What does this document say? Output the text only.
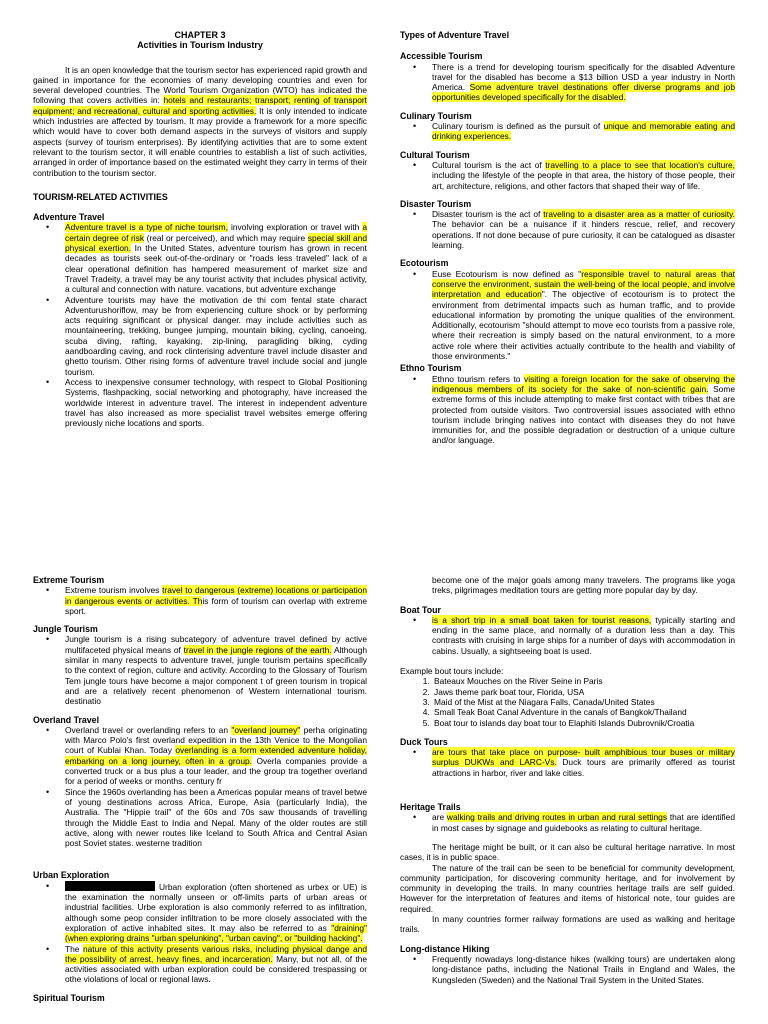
CHAPTER 3

Activities in Tourism Industry

It is an open knowledge that the tourism sector has experienced rapid growth and gained in importance for the economies of many developing countries and even for several developed countries. The World Tourism Organization (WTO) has indicated the following that covers activities in: hotels and restaurants; transport; renting of transport equipment; and recreational, cultural and sporting activities. It is only intended to indicate which industries are affected by tourism. It may provide a framework for a more specific which would have to cover both demand aspects in the surveys of visitors and supply aspects (survey of tourism enterprises). By identifying activities that are to some extent relevant to the tourism sector, it will enable countries to establish a list of such activities, arranged in order of importance based on the estimated weight they carry in terms of their contribution to the tourism sector.

TOURISM-RELATED ACTIVITIES

Adventure Travel

• Adventure travel is a type of niche tourism, involving exploration or travel with a certain degree of risk (real or perceived), and which may require special skill and physical exertion. In the United States, adventure tourism has grown in recent decades as tourists seek out-of-the-ordinary or "roads less traveled" lack of a clear operational definition has hampered measurement of market size and Travel Tradeity, a travel may be any tourist activity that includes physical activity, a cultural and connection with nature. vacations, but adventure exchange
• Adventure tourists may have the motivation de thi com fental state charact Adventurushoriflow, may be from experiencing culture shock or by performing acts requiring significant or physical danger. may include activities such as mountaineering, trekking, bungee jumping, mountain biking, cycling, canoeing, scuba diving, rafting, kayaking, zip-lining, paragliding biking, cyding aandboarding caving, and rock clinterising adventure travel include disaster and ghetto tourism. Other rising forms of adventure travel include social and jungle tourism.
• Access to inexpensive consumer technology, with respect to Global Positioning Systems, flashpacking, social networking and photography, have increased the worldwide interest in adventure travel. The interest in independent adventure travel has also increased as more specialist travel websites emerge offering previously niche locations and sports.

Types of Adventure Travel

Accessible Tourism

• There is a trend for developing tourism specifically for the disabled Adventure travel for the disabled has become a $13 billion USD a year industry in North America. Some adventure travel destinations offer diverse programs and job opportunities developed specifically for the disabled.

Culinary Tourism

• Culinary tourism is defined as the pursuit of unique and memorable eating and drinking experiences.

Cultural Tourism

• Cultural tourism is the act of travelling to a place to see that location's culture, including the lifestyle of the people in that area, the history of those people, their art, architecture, religions, and other factors that shaped their way of life.

Disaster Tourism

• Disaster tourism is the act of traveling to a disaster area as a matter of curiosity. The behavior can be a nuisance if it hinders rescue, relief, and recovery operations. If not done because of pure curiosity, it can be catalogued as disaster learning.

Ecotourism

• Euse Ecotourism is now defined as "responsible travel to natural areas that conserve the environment, sustain the well-being of the local people, and involve interpretation and education". The objective of ecotourism is to protect the environment from detrimental impacts such as human traffic, and to provide educational information by promoting the unique qualities of the environment. Additionally, ecotourism "should attempt to move eco tourists from a passive role, where their recreation is simply based on the natural environment, to a more active role where their activities actually contribute to the health and viability of those environments."

Ethno Tourism

• Ethno tourism refers to visiting a foreign location for the sake of observing the indigenous members of its society for the sake of non-scientific gain. Some extreme forms of this include attempting to make first contact with tribes that are protected from outside visitors. Two controversial issues associated with ethno tourism include bringing natives into contact with diseases they do not have immunities for, and the possible degradation or destruction of a unique culture and/or language.

Extreme Tourism

• Extreme tourism involves travel to dangerous (extreme) locations or participation in dangerous events or activities. This form of tourism can overlap with extreme sport.

Jungle Tourism

• Jungle tourism is a rising subcategory of adventure travel defined by active multifaceted physical means of travel in the jungle regions of the earth. Although similar in many respects to adventure travel, jungle tourism pertains specifically to the context of region, culture and activity. According to the Glossary of Tourism Tem jungle tours have become a major component t of green tourism in tropical and are a relatively recent phenomenon of Western international tourism. destinatio

Overland Travel

• Overland travel or overlanding refers to an "overland journey" perha originating with Marco Polo's first overland expedition in the 13th Venice to the Mongolian court of Kublai Khan. Today overlanding is a form extended adventure holiday, embarking on a long journey, often in a group. Overla companies provide a converted truck or a bus plus a tour leader, and the group tra together overland for a period of weeks or months. century fr
• Since the 1960s overlanding has been a Americas popular means of travel betwe of young destinations across Africa, Europe, Asia (particularly India), the Australia. The "Hippie trail" of the 60s and 70s saw thousands of travelling through the Middle East to India and Nepal. Many of the older routes are still active, along with newer routes like Iceland to South Africa and Central Asian post Soviet states. westerne tradition

Urban Exploration

• Urban exploration (often shortened as urbex or UE) is the examination the normally unseen or off-limits parts of urban areas or industrial facilities. Urbe exploration is also commonly referred to as infiltration, although some peop consider infiltration to be more closely associated with the exploration of active inhabited sites. It may also be referred to as "draining" (when exploring drains "urban spelunking", "urban caving", or "building hacking".
• The nature of this activity presents various risks, including physical dange and the possibility of arrest, heavy fines, and incarceration. Many, but not all, of the activities associated with urban exploration could be considered trespassing or othe violations of local or regional laws.

Spiritual Tourism

become one of the major goals among many travelers. The programs like yoga treks, pilgrimages meditation tours are getting more popular day by day.

Boat Tour

• is a short trip in a small boat taken for tourist reasons, typically starting and ending in the same place, and normally of a duration less than a day. This contrasts with cruising in large ships for a number of days with accommodation in cabins. Usually, a sightseeing boat is used.

Example bout tours include:

1. Bateaux Mouches on the River Seine in Paris
2. Jaws theme park boat tour, Florida, USA
3. Maid of the Mist at the Niagara Falls, Canada/United States
4. Small Teak Boat Canal Adventure in the canals of Bangkok/Thailand
5. Boat tour to islands day boat tour to Elaphiti Islands Dubrovnik/Croatia

Duck Tours

• are tours that take place on purpose- built amphibious tour buses or military surplus DUKWs and LARC-Vs. Duck tours are primarily offered as tourist attractions in harbor, river and lake cities.

Heritage Trails

• are walking trails and driving routes in urban and rural settings that are identified in most cases by signage and guidebooks as relating to cultural heritage.

The heritage might be built, or it can also be cultural heritage narrative. In most cases, it is in public space.

The nature of the trail can be seen to be beneficial for community development, community participation, for discovering community heritage, and for involvement by community in developing the trails. In many countries heritage trails are self guided. However for the interpretation of features and items of historical note, tour guides are required.

In many countries former railway formations are used as walking and heritage trails.

Long-distance Hiking

• Frequently nowadays long-distance hikes (walking tours) are undertaken along long-distance paths, including the National Trails in England and Wales, the Kungsleden (Sweden) and the National Trail System in the United States.
